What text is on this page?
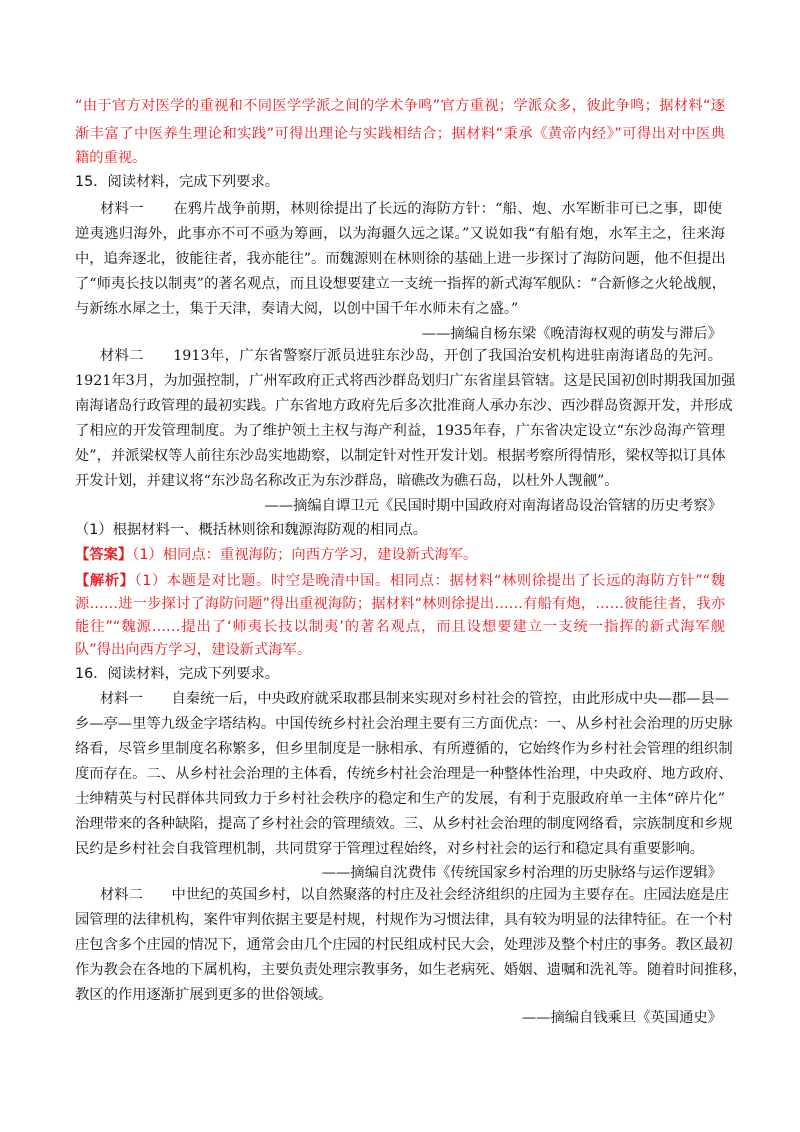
“由于官方对医学的重视和不同医学学派之间的学术争鸣”官方重视；学派众多，彼此争鸣；据材料“逐
渐丰富了中医养生理论和实践”可得出理论与实践相结合；据材料“秉承《黄帝内经》”可得出对中医典
籍的重视。
15．阅读材料，完成下列要求。
材料一　　在鸦片战争前期，林则徐提出了长远的海防方针：“船、炮、水军断非可已之事，即使
逆夷逃归海外，此事亦不可不亟为筹画，以为海疆久远之谋。”又说如我“有船有炮，水军主之，往来海
中，追奔逐北，彼能往者，我亦能往”。而魏源则在林则徐的基础上进一步探讨了海防问题，他不但提出
了“师夷长技以制夷”的著名观点，而且设想要建立一支统一指挥的新式海军舰队：“合新修之火轮战舰，
与新练水犀之士，集于天津，奏请大阅，以创中国千年水师未有之盛。”
——摘编自杨东梁《晚清海权观的萌发与滞后》
材料二　　1913年，广东省警察厅派员进驻东沙岛，开创了我国治安机构进驻南海诸岛的先河。
1921年3月，为加强控制，广州军政府正式将西沙群岛划归广东省崖县管辖。这是民国初创时期我国加强
南海诸岛行政管理的最初实践。广东省地方政府先后多次批准商人承办东沙、西沙群岛资源开发，并形成
了相应的开发管理制度。为了维护领土主权与海产利益，1935年春，广东省决定设立“东沙岛海产管理
处”，并派梁权等人前往东沙岛实地勘察，以制定针对性开发计划。根据考察所得情形，梁权等拟订具体
开发计划，并建议将“东沙岛名称改正为东沙群岛，暗礁改为礁石岛，以杜外人觊觎”。
——摘编自谭卫元《民国时期中国政府对南海诸岛设治管辖的历史考察》
（1）根据材料一、概括林则徐和魏源海防观的相同点。
【答案】（1）相同点：重视海防；向西方学习，建设新式海军。
【解析】（1）本题是对比题。时空是晚清中国。相同点：据材料“林则徐提出了长远的海防方针”“魏
源……进一步探讨了海防问题”得出重视海防；据材料“林则徐提出……有船有炮，……彼能往者，我亦
能往”“魏源……提出了‘师夷长技以制夷’的著名观点，而且设想要建立一支统一指挥的新式海军舰
队”得出向西方学习，建设新式海军。
16．阅读材料，完成下列要求。
材料一　　自秦统一后，中央政府就采取郡县制来实现对乡村社会的管控，由此形成中央—郡—县—
乡—亭—里等九级金字塔结构。中国传统乡村社会治理主要有三方面优点：一、从乡村社会治理的历史脉
络看，尽管乡里制度名称繁多，但乡里制度是一脉相承、有所遵循的，它始终作为乡村社会管理的组织制
度而存在。二、从乡村社会治理的主体看，传统乡村社会治理是一种整体性治理，中央政府、地方政府、
士绅精英与村民群体共同致力于乡村社会秩序的稳定和生产的发展，有利于克服政府单一主体“碎片化”
治理带来的各种缺陷，提高了乡村社会的管理绩效。三、从乡村社会治理的制度网络看，宗族制度和乡规
民约是乡村社会自我管理机制，共同贯穿于管理过程始终，对乡村社会的运行和稳定具有重要影响。
——摘编自沈费伟《传统国家乡村治理的历史脉络与运作逻辑》
材料二　　中世纪的英国乡村，以自然聚落的村庄及社会经济组织的庄园为主要存在。庄园法庭是庄
园管理的法律机构，案件审判依据主要是村规，村规作为习惯法律，具有较为明显的法律特征。在一个村
庄包含多个庄园的情况下，通常会由几个庄园的村民组成村民大会，处理涉及整个村庄的事务。教区最初
作为教会在各地的下属机构，主要负责处理宗教事务，如生老病死、婚姻、遗嘱和洗礼等。随着时间推移，
教区的作用逐渐扩展到更多的世俗领域。
——摘编自钱乘旦《英国通史》
